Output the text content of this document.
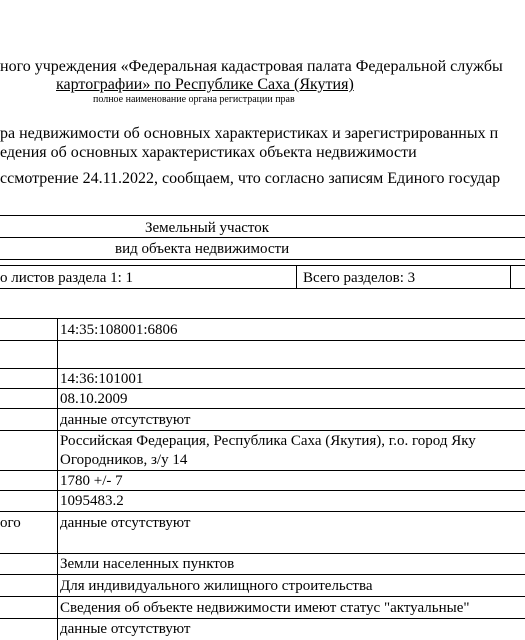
ного учреждения «Федеральная кадастровая палата Федеральной службы
картографии» по Республике Саха (Якутия)
полное наименование органа регистрации прав
ра недвижимости об основных характеристиках и зарегистрированных п
едения об основных характеристиках объекта недвижимости
ссмотрение 24.11.2022, сообщаем, что согласно записям Единого государ
Земельный участок
вид объекта недвижимости
о листов раздела 1: 1	Всего разделов: 3
14:35:108001:6806
14:36:101001
08.10.2009
данные отсутствуют
Российская Федерация, Республика Саха (Якутия), г.о. город Яку
Огородников, з/у 14
1780 +/- 7
1095483.2
ого	данные отсутствуют
Земли населенных пунктов
Для индивидуального жилищного строительства
Сведения об объекте недвижимости имеют статус "актуальные"
данные отсутствуют
